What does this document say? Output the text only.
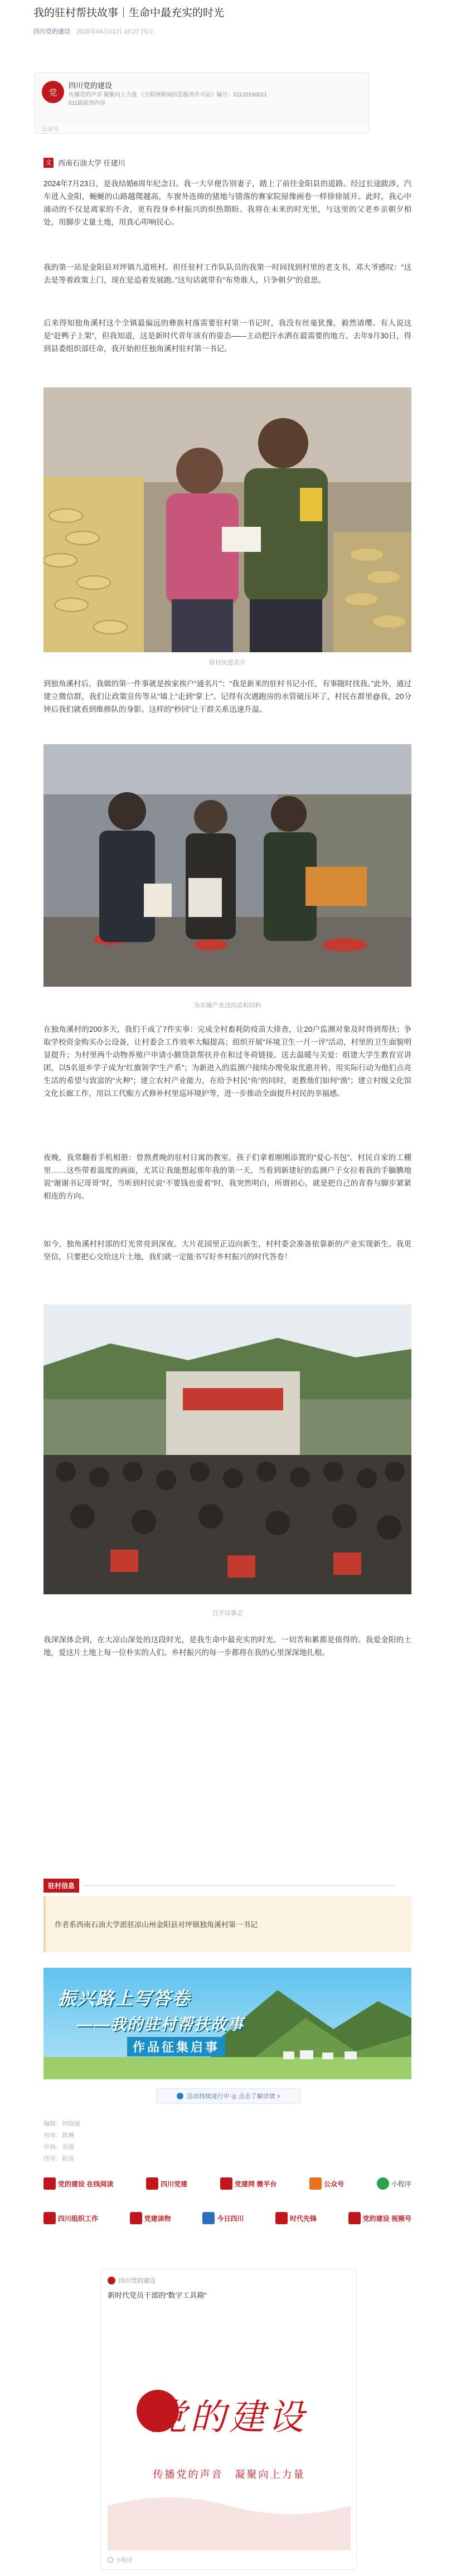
我的驻村帮扶故事｜生命中最充实的时光
四川党的建设 2025年04月01日 16:27 四川
党
四川党的建设
传播党的声音 凝聚向上力量 《互联网新闻信息服务许可证》编号：51120190021
611篇原创内容
公众号
文 西南石油大学 任建川
2024年7月23日，是我结婚6周年纪念日。我一大早便告别妻子，踏上了前往金阳县的道路。经过长途跋涉，汽车进入金阳，蜿蜒的山路越爬越高，车窗外连绵的猪地与错落的赛家院屋像画卷一样徐徐展开。此时，我心中涌动的不仅是离家的不舍，更有投身乡村振兴的炽热期盼。我将在未来的时光里，与这里的父老乡亲朝夕相处，用脚步丈量土地，用真心叩响民心。
我的第一站是金阳县对坪镇九道班村。担任驻村工作队队员的我第一时间找到村里的老支书，邓大爷感叹：“这去是等着政策上门，现在是追着发展跑。”这句话就带有“布势谁人，只争朝夕”的意思。
后来得知独角溪村这个全镇最偏远的彝族村落需要驻村第一书记时，我没有丝毫犹豫，毅然请缨。有人说这是“赶鸭子上架”，但我知道，这是新时代青年该有的姿态——主动把汗水洒在最需要的地方。去年9月30日，得到县委组织部任命，我开始担任独角溪村驻村第一书记。
驻村民进名片
到独角溪村后，我做的第一件事就是挨家挨户“通名片”：“我是新来的驻村书记小任，有事随时找我。”此外，通过建立微信群，我们让政策宣传等从“墙上”走到“掌上”。记得有次遇跑房的水管破压坏了，村民在群里@我，20分钟后我们就看到维修队的身影。这样的“秒回”让干群关系迅速升温。
为实施产业送肉苗和饲料
在独角溪村的200多天，我们干成了7件实事：完成全村畜耗防疫苗大排查，让20户监测对象及时得到帮扶；争取学校资金购买办公设备，让村委会工作效率大幅提高；组织开展“环境卫生一月一评”活动，村里的卫生面貌明显提升；为村里两个动物养殖户申请小额贷款帮扶并在和过冬荷链接。送去温暖与关爱：组建大学生教育宣讲团，以5名退乡学子成为“红旗领学”生产系”；为新进入的监测户接续办理免取优惠并转，用实际行动为他们点亮生活的希望与致富的“火种”；建立农村产业能力，在给予村民“鱼”的同时，更教他们如何“渔”；建立村级文化馆文化长廊工作，用以工代赈方式修补村里巡环境护等，进一步推动全面提升村民的幸福感。
夜晚，我常翻看手机相册：曾熬煮晚的驻村日寓的教室，孩子们拿着刚刚添置的“爱心书包”。村民自家的工棚里……这些带着温度的画面，尤其让我能想起那年我的第一天，当看到新建好的监测户子女拉着我的手腼腆地说“谢谢书记哥哥”时，当听到村民说“不要钱也爱着”时，我突然明白，所谓初心，就是把自己的青春与脚步紧紧相连的方向。
如今，独角溪村村部的灯光常亮到深夜。大片花园里正迈向新生，村村委会准备依靠新的产业实现新生。我更坚信，只要把心交给这片土地，我们就一定能书写好乡村振兴的时代答卷！
召开议事会
我深深体会到，在大凉山深处的这段时光，是我生命中最充实的时光。一切苦和累都是值得的。我爱金阳的土地，爱这片土地上每一位朴实的人们。乡村振兴的每一步都将在我的心里深深地扎根。
驻村信息
作者系西南石油大学派驻凉山州金阳县对坪镇独角溪村第一书记
振兴路上写答卷
——我的驻村帮扶故事
作品征集启事
活动持续进行中 ◎ 点击了解详情 >
编辑：何晓婕
初审：陈琳
审核：邓强
终审：陈涛
党的建设 在线阅读	四川党建	党建网 微平台	公众号	小程序
四川组织工作	党建读物	今日四川	时代先锋	党的建设 视频号
四川党的建设
新时代党员干部的“数字工具箱”
党的建设
传播党的声音　凝聚向上力量
小程序
